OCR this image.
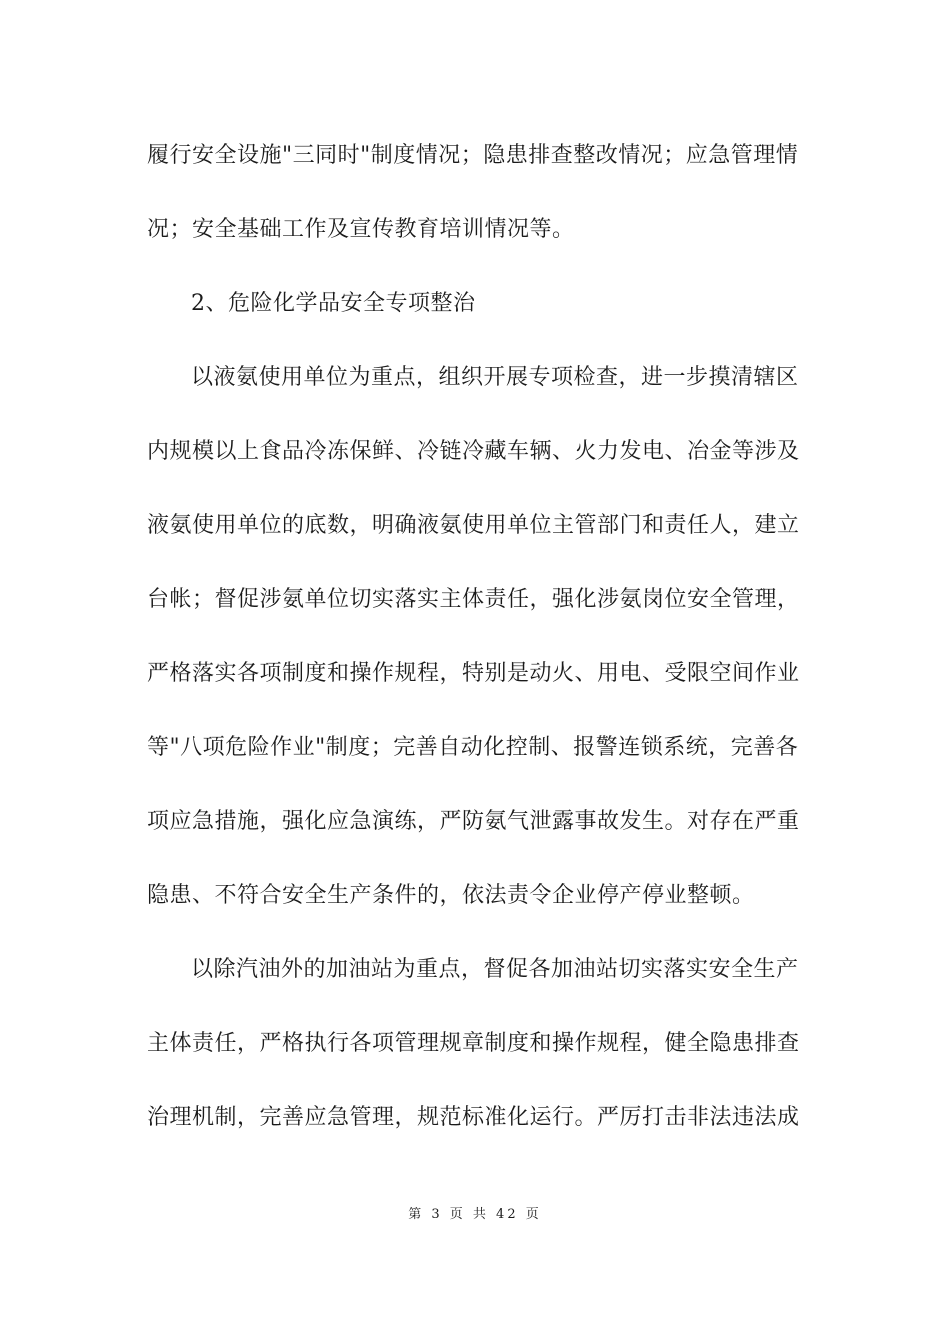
履行安全设施"三同时"制度情况；隐患排查整改情况；应急管理情
况；安全基础工作及宣传教育培训情况等。
2、危险化学品安全专项整治
以液氨使用单位为重点，组织开展专项检查，进一步摸清辖区
内规模以上食品冷冻保鲜、冷链冷藏车辆、火力发电、冶金等涉及
液氨使用单位的底数，明确液氨使用单位主管部门和责任人，建立
台帐；督促涉氨单位切实落实主体责任，强化涉氨岗位安全管理，
严格落实各项制度和操作规程，特别是动火、用电、受限空间作业
等"八项危险作业"制度；完善自动化控制、报警连锁系统，完善各
项应急措施，强化应急演练，严防氨气泄露事故发生。对存在严重
隐患、不符合安全生产条件的，依法责令企业停产停业整顿。
以除汽油外的加油站为重点，督促各加油站切实落实安全生产
主体责任，严格执行各项管理规章制度和操作规程，健全隐患排查
治理机制，完善应急管理，规范标准化运行。严厉打击非法违法成
第 3 页 共 42 页
